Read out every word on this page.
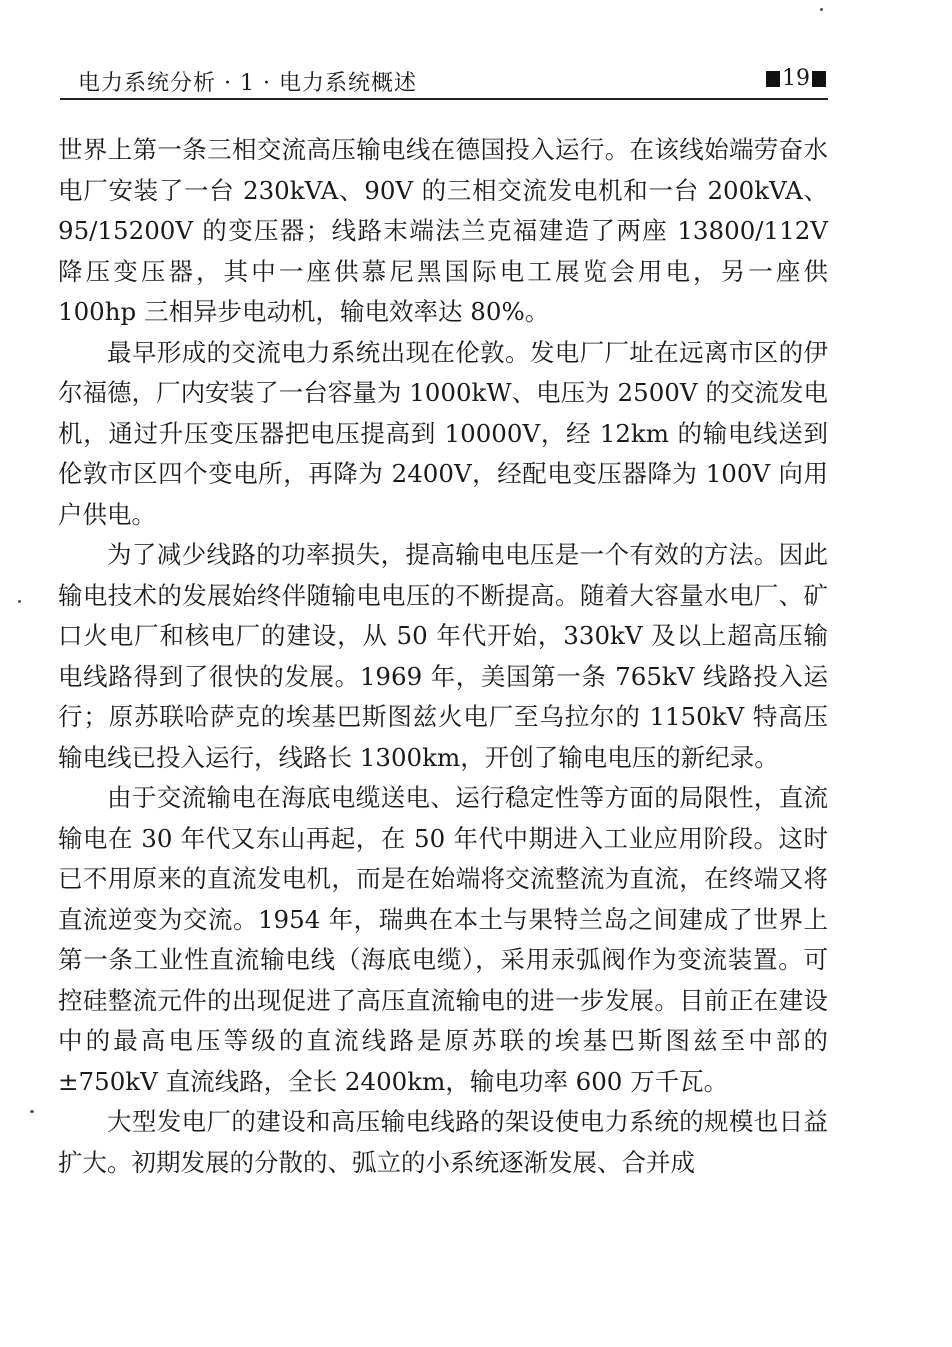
电力系统分析 · 1 · 电力系统概述	19

世界上第一条三相交流高压输电线在德国投入运行。在该线始端劳奋水电厂安装了一台 230kVA、90V 的三相交流发电机和一台 200kVA、95/15200V 的变压器；线路末端法兰克福建造了两座 13800/112V 降压变压器，其中一座供慕尼黑国际电工展览会用电，另一座供 100hp 三相异步电动机，输电效率达 80%。

最早形成的交流电力系统出现在伦敦。发电厂厂址在远离市区的伊尔福德，厂内安装了一台容量为 1000kW、电压为 2500V 的交流发电机，通过升压变压器把电压提高到 10000V，经 12km 的输电线送到伦敦市区四个变电所，再降为 2400V，经配电变压器降为 100V 向用户供电。

为了减少线路的功率损失，提高输电电压是一个有效的方法。因此输电技术的发展始终伴随输电电压的不断提高。随着大容量水电厂、矿口火电厂和核电厂的建设，从 50 年代开始，330kV 及以上超高压输电线路得到了很快的发展。1969 年，美国第一条 765kV 线路投入运行；原苏联哈萨克的埃基巴斯图兹火电厂至乌拉尔的 1150kV 特高压输电线已投入运行，线路长 1300km，开创了输电电压的新纪录。

由于交流输电在海底电缆送电、运行稳定性等方面的局限性，直流输电在 30 年代又东山再起，在 50 年代中期进入工业应用阶段。这时已不用原来的直流发电机，而是在始端将交流整流为直流，在终端又将直流逆变为交流。1954 年，瑞典在本土与果特兰岛之间建成了世界上第一条工业性直流输电线（海底电缆），采用汞弧阀作为变流装置。可控硅整流元件的出现促进了高压直流输电的进一步发展。目前正在建设中的最高电压等级的直流线路是原苏联的埃基巴斯图兹至中部的 ±750kV 直流线路，全长 2400km，输电功率 600 万千瓦。

大型发电厂的建设和高压输电线路的架设使电力系统的规模也日益扩大。初期发展的分散的、弧立的小系统逐渐发展、合并成
